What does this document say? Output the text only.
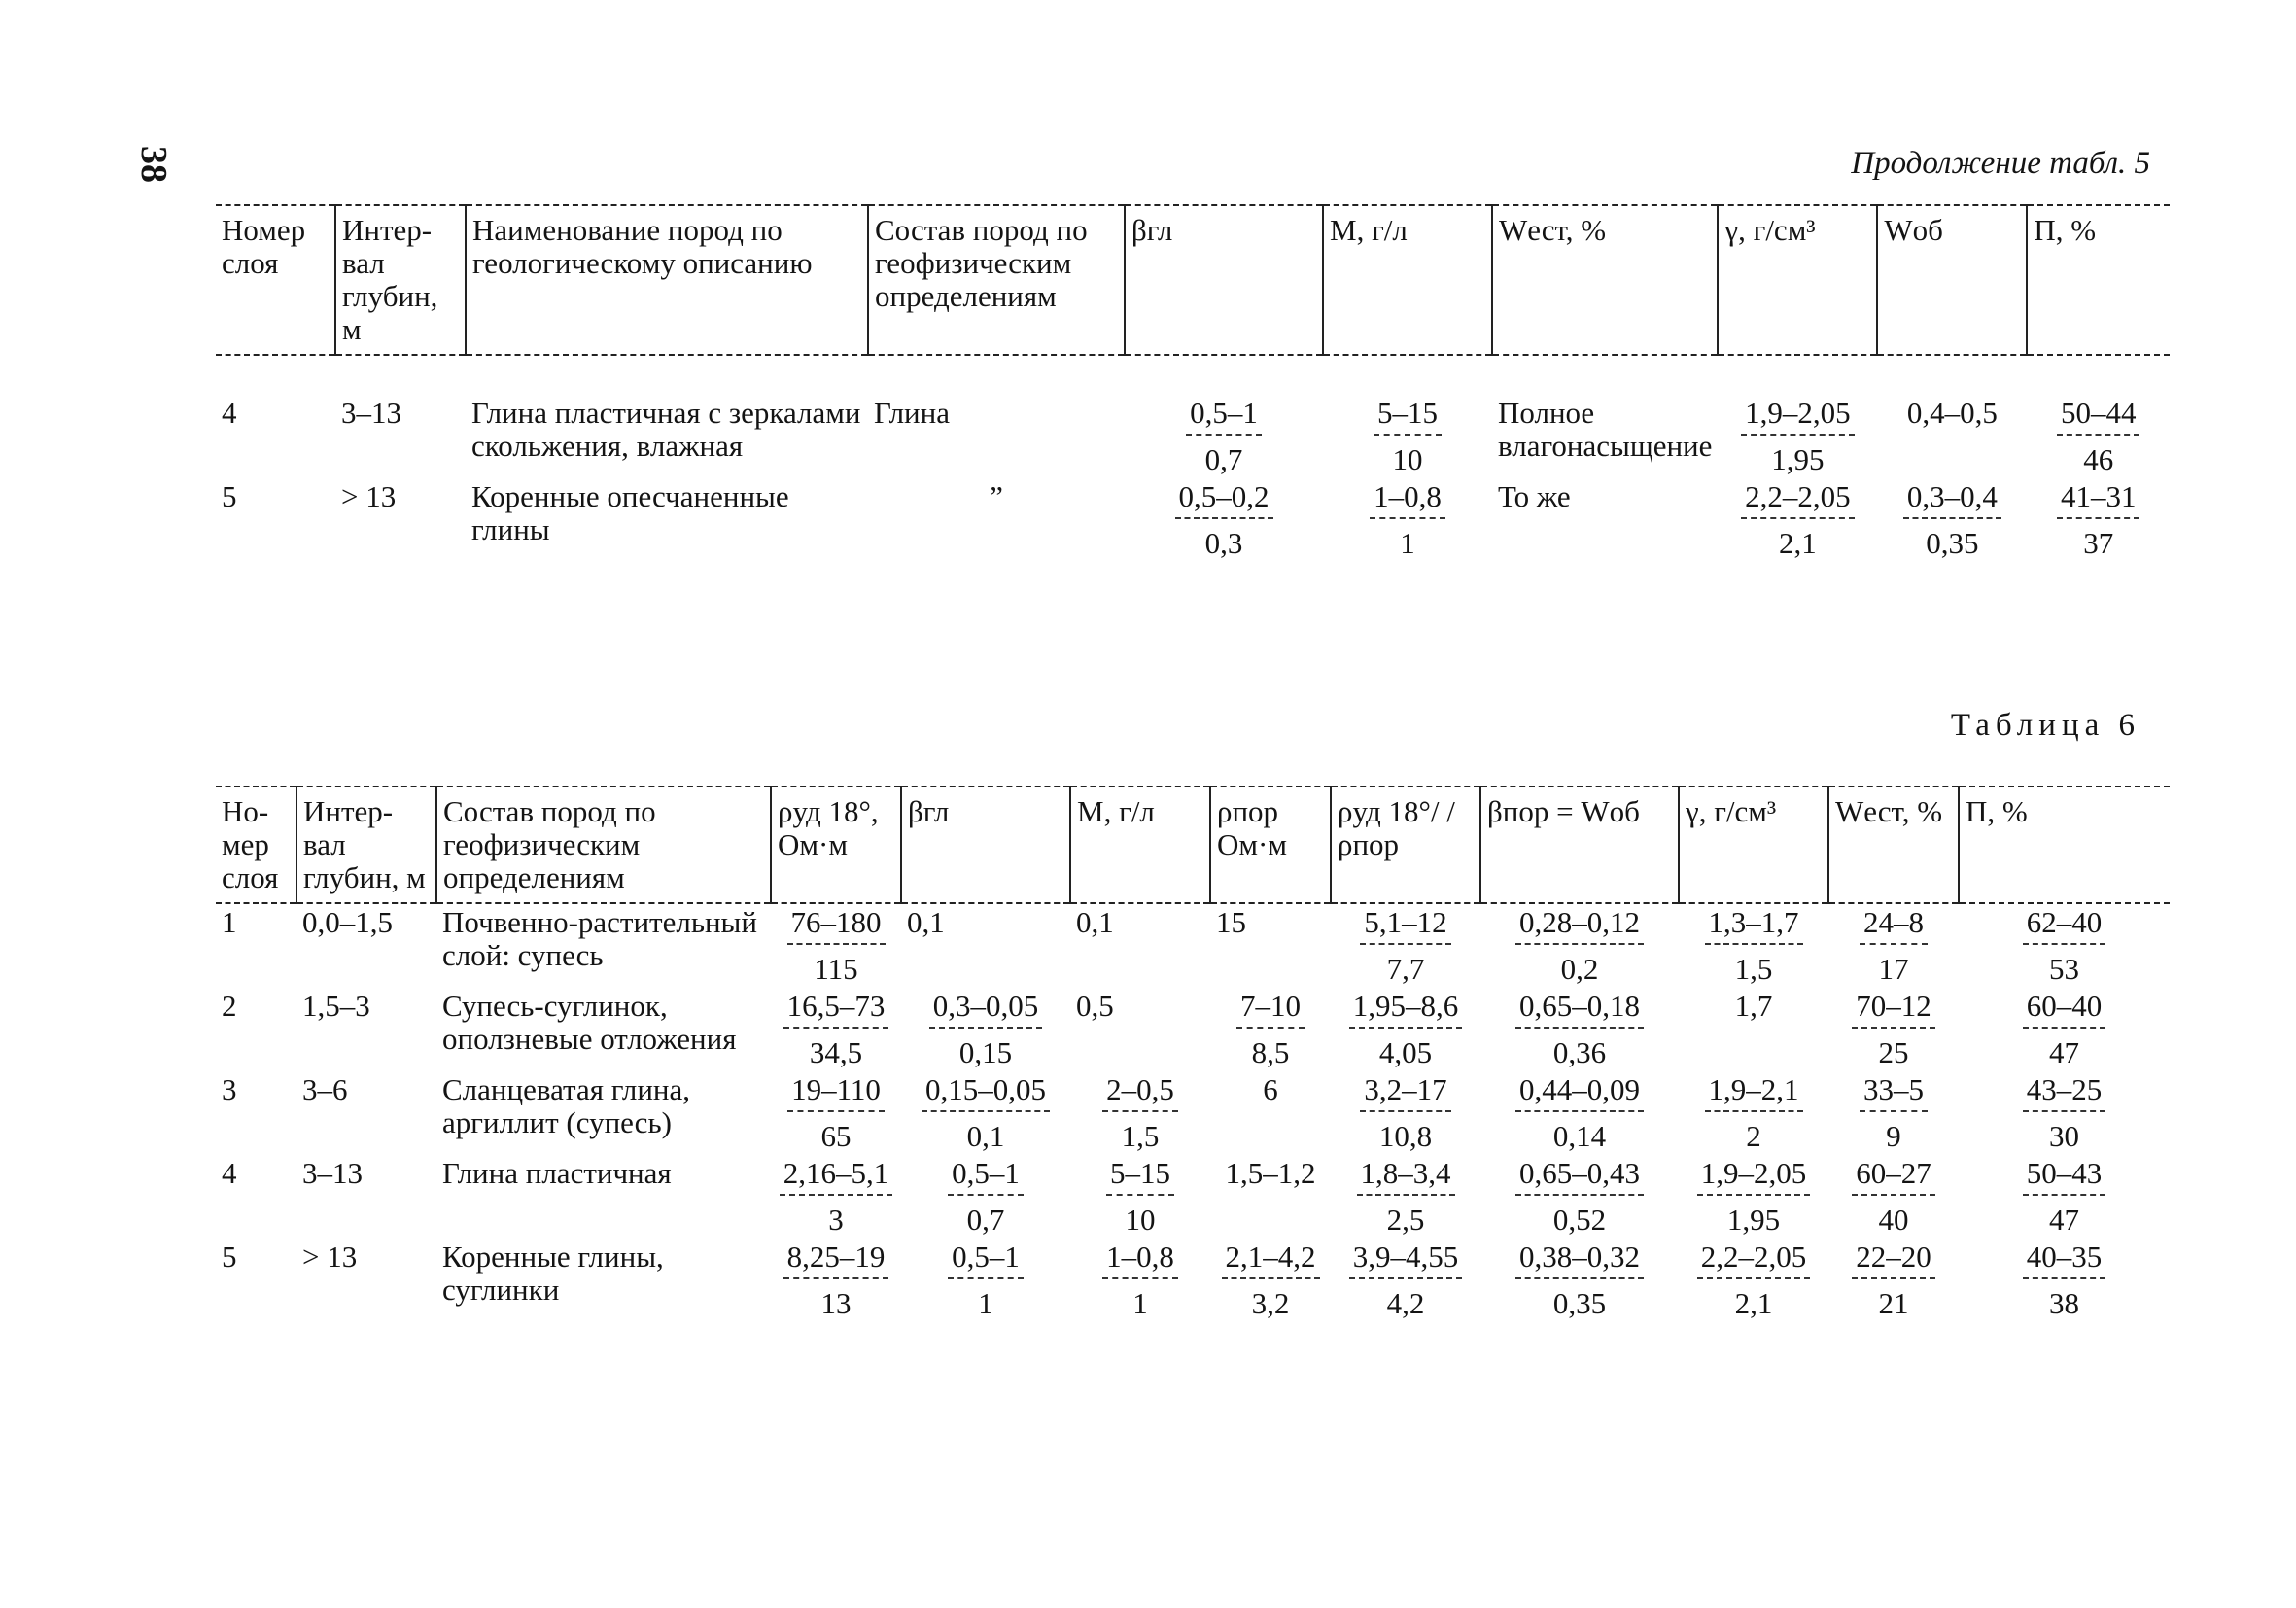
38	Продолжение табл. 5
Номер слоя	Интер- вал глубин, м	Наименование пород по геологическому описанию	Состав пород по геофизическим определениям	βгл	М, г/л	Wест, %	γ, г/см³	Wоб	П, %

4	3–13	Глина пластичная с зеркалами скольжения, влажная	Глина	$\frac{0,5-1}{0,7}$	$\frac{5-15}{10}$	Полное влагонасыщение	$\frac{1,9-2,05}{1,95}$	0,4–0,5	$\frac{50-44}{46}$

5	> 13	Коренные опесчаненные глины	”	$\frac{0,5-0,2}{0,3}$	$\frac{1-0,8}{1}$	То же	$\frac{2,2-2,05}{2,1}$	$\frac{0,3-0,4}{0,35}$	$\frac{41-31}{37}$
Таблица 6
Но- мер слоя	Интер- вал глубин, м	Состав пород по геофизическим определениям	ρуд 18°, Ом·м	βгл	М, г/л	ρпор Ом·м	ρуд 18°/ /ρпор	βпор = Wоб	γ, г/см³	Wест, %	П, %
1	0,0–1,5	Почвенно-растительный слой: супесь	$\frac{76-180}{115}$	0,1	0,1	15	$\frac{5,1-12}{7,7}$	$\frac{0,28-0,12}{0,2}$	$\frac{1,3-1,7}{1,5}$	$\frac{24-8}{17}$	$\frac{62-40}{53}$

2	1,5–3	Супесь-суглинок, оползневые отложения	$\frac{16,5-73}{34,5}$	$\frac{0,3-0,05}{0,15}$	0,5	$\frac{7-10}{8,5}$	$\frac{1,95-8,6}{4,05}$	$\frac{0,65-0,18}{0,36}$	1,7	$\frac{70-12}{25}$	$\frac{60-40}{47}$

3	3–6	Сланцеватая глина, аргиллит (супесь)	$\frac{19-110}{65}$	$\frac{0,15-0,05}{0,1}$	$\frac{2-0,5}{1,5}$	6	$\frac{3,2-17}{10,8}$	$\frac{0,44-0,09}{0,14}$	$\frac{1,9-2,1}{2}$	$\frac{33-5}{9}$	$\frac{43-25}{30}$

4	3–13	Глина пластичная	$\frac{2,16-5,1}{3}$	$\frac{0,5-1}{0,7}$	$\frac{5-15}{10}$	1,5–1,2	$\frac{1,8-3,4}{2,5}$	$\frac{0,65-0,43}{0,52}$	$\frac{1,9-2,05}{1,95}$	$\frac{60-27}{40}$	$\frac{50-43}{47}$

5	> 13	Коренные глины, суглинки	$\frac{8,25-19}{13}$	$\frac{0,5-1}{1}$	$\frac{1-0,8}{1}$	$\frac{2,1-4,2}{3,2}$	$\frac{3,9-4,55}{4,2}$	$\frac{0,38-0,32}{0,35}$	$\frac{2,2-2,05}{2,1}$	$\frac{22-20}{21}$	$\frac{40-35}{38}$
